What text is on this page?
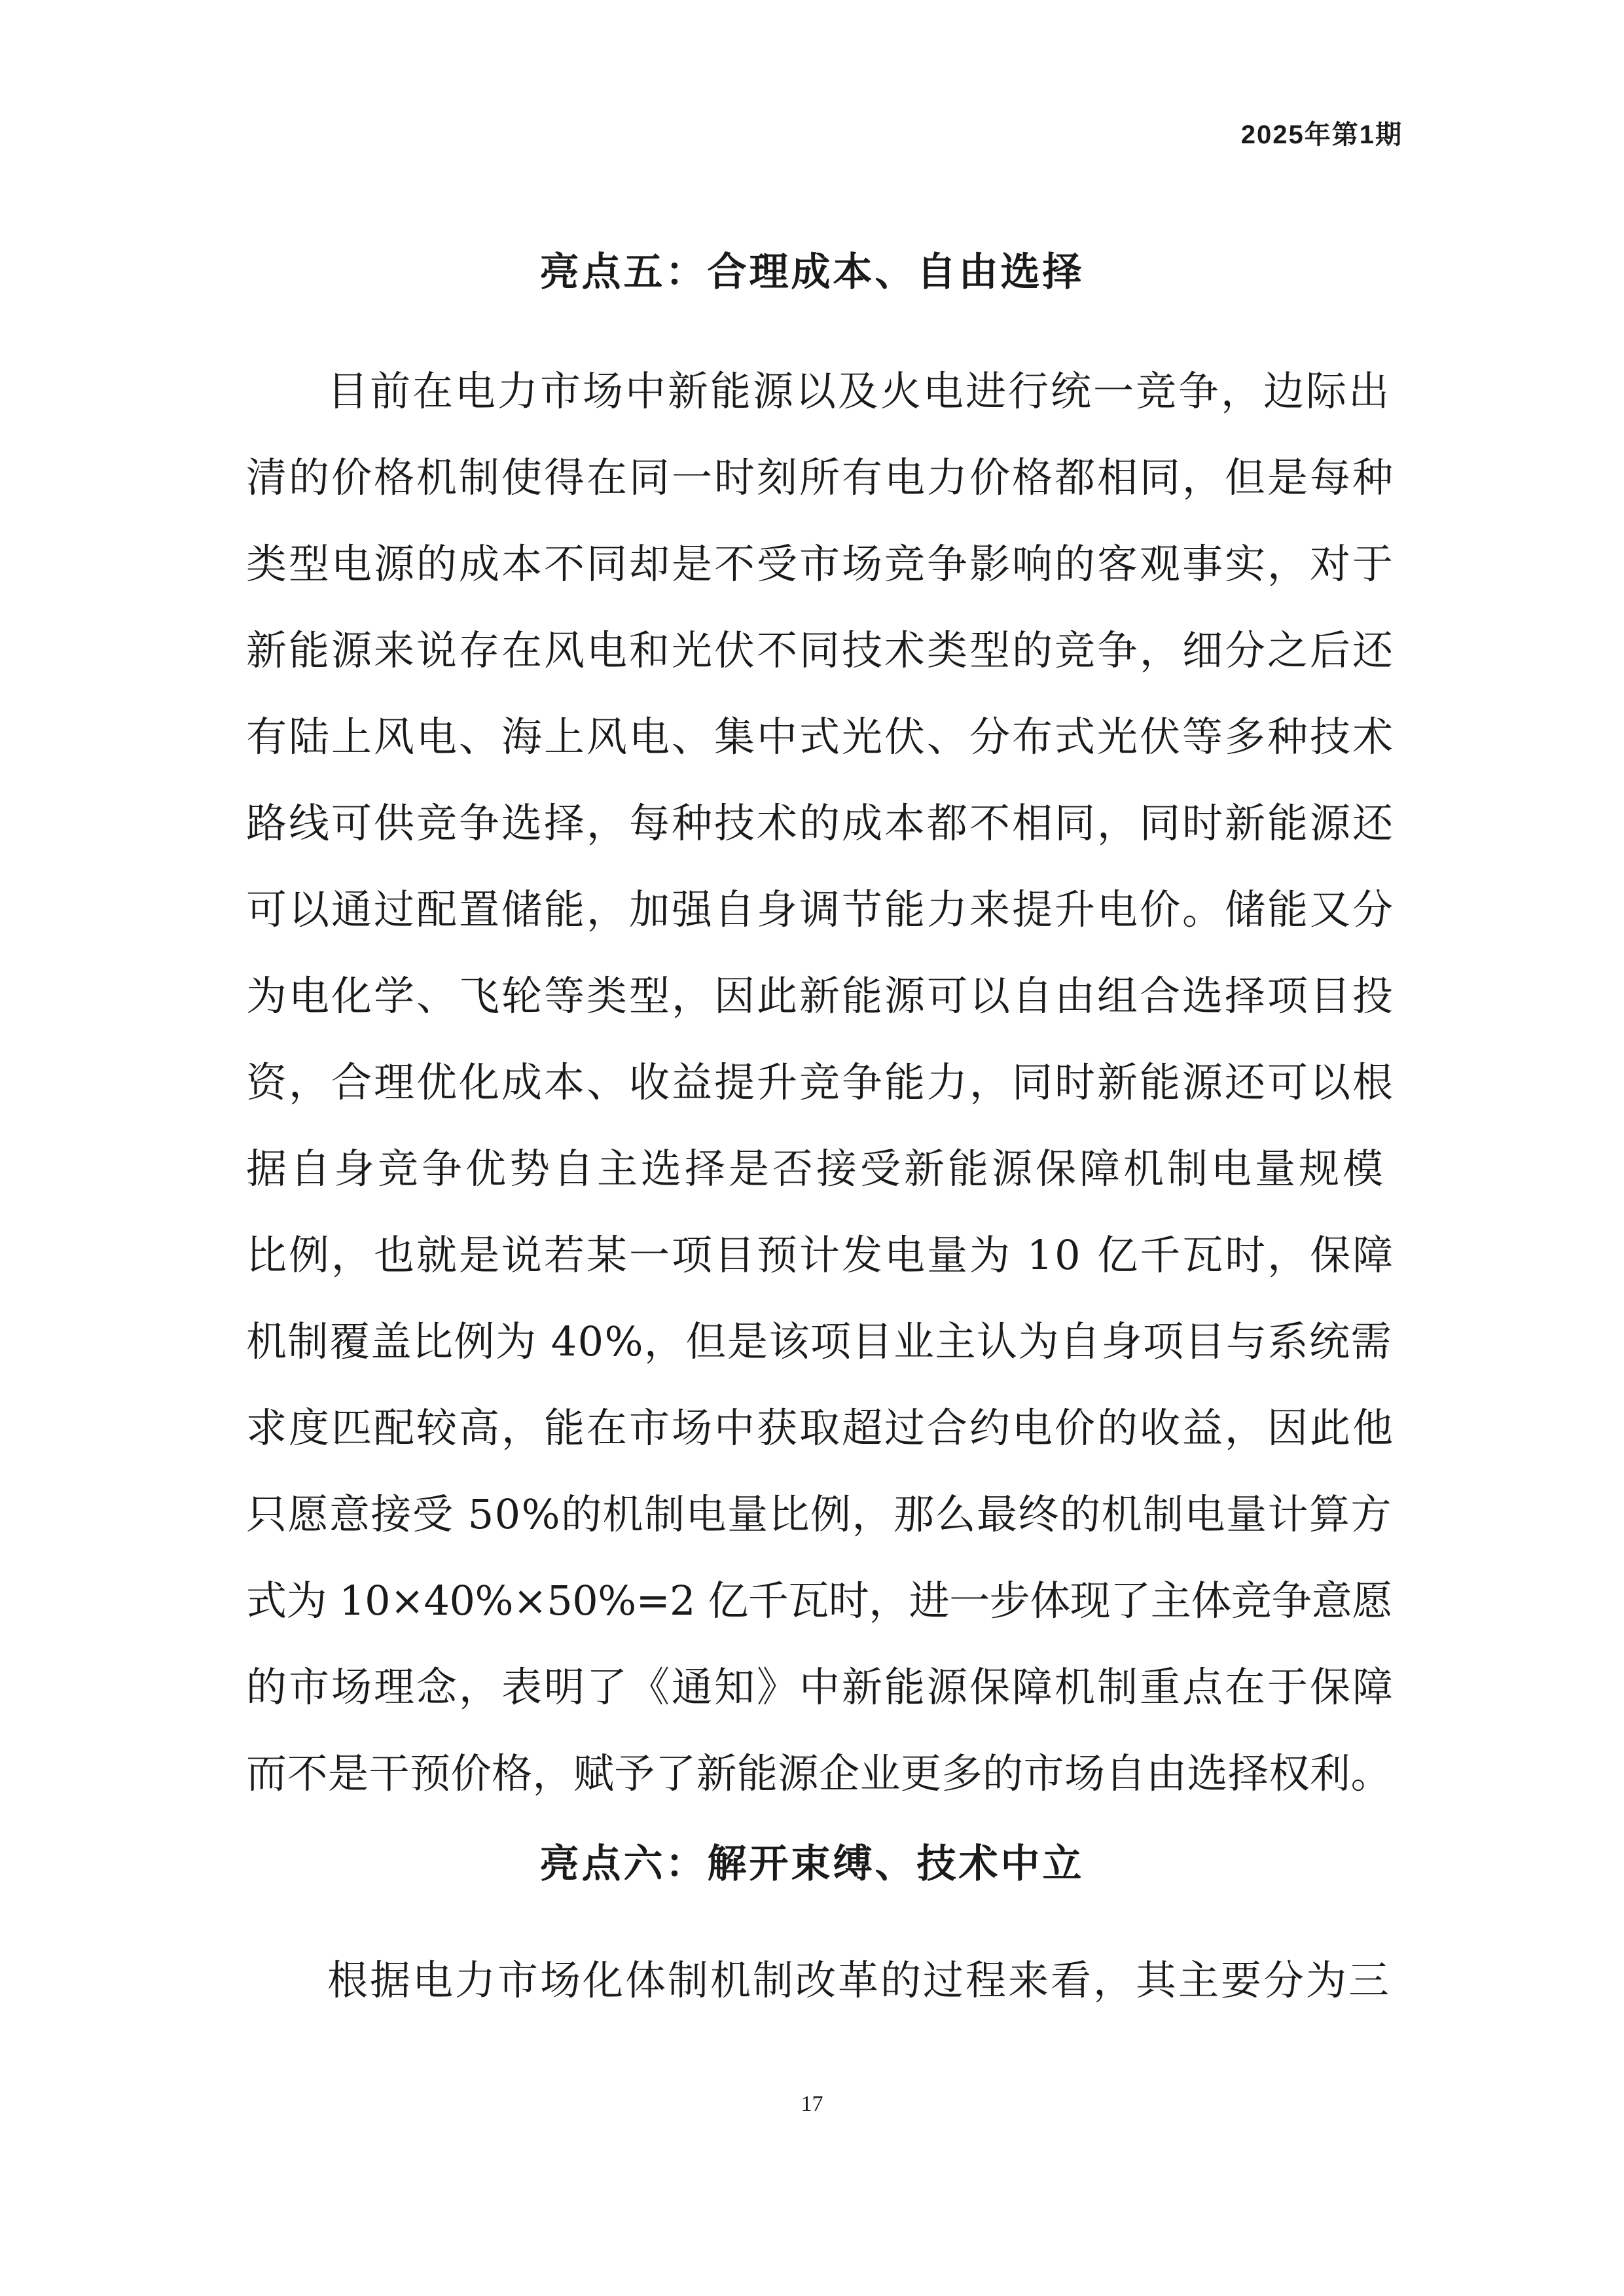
2025年第1期
亮点五：合理成本、自由选择
目前在电力市场中新能源以及火电进行统一竞争，边际出
清的价格机制使得在同一时刻所有电力价格都相同，但是每种
类型电源的成本不同却是不受市场竞争影响的客观事实，对于
新能源来说存在风电和光伏不同技术类型的竞争，细分之后还
有陆上风电、海上风电、集中式光伏、分布式光伏等多种技术
路线可供竞争选择，每种技术的成本都不相同，同时新能源还
可以通过配置储能，加强自身调节能力来提升电价。储能又分
为电化学、飞轮等类型，因此新能源可以自由组合选择项目投
资，合理优化成本、收益提升竞争能力，同时新能源还可以根
据自身竞争优势自主选择是否接受新能源保障机制电量规模
比例，也就是说若某一项目预计发电量为 10 亿千瓦时，保障
机制覆盖比例为 40%，但是该项目业主认为自身项目与系统需
求度匹配较高，能在市场中获取超过合约电价的收益，因此他
只愿意接受 50%的机制电量比例，那么最终的机制电量计算方
式为 10×40%×50%=2 亿千瓦时，进一步体现了主体竞争意愿
的市场理念，表明了《通知》中新能源保障机制重点在于保障
而不是干预价格，赋予了新能源企业更多的市场自由选择权利。
亮点六：解开束缚、技术中立
根据电力市场化体制机制改革的过程来看，其主要分为三
17
